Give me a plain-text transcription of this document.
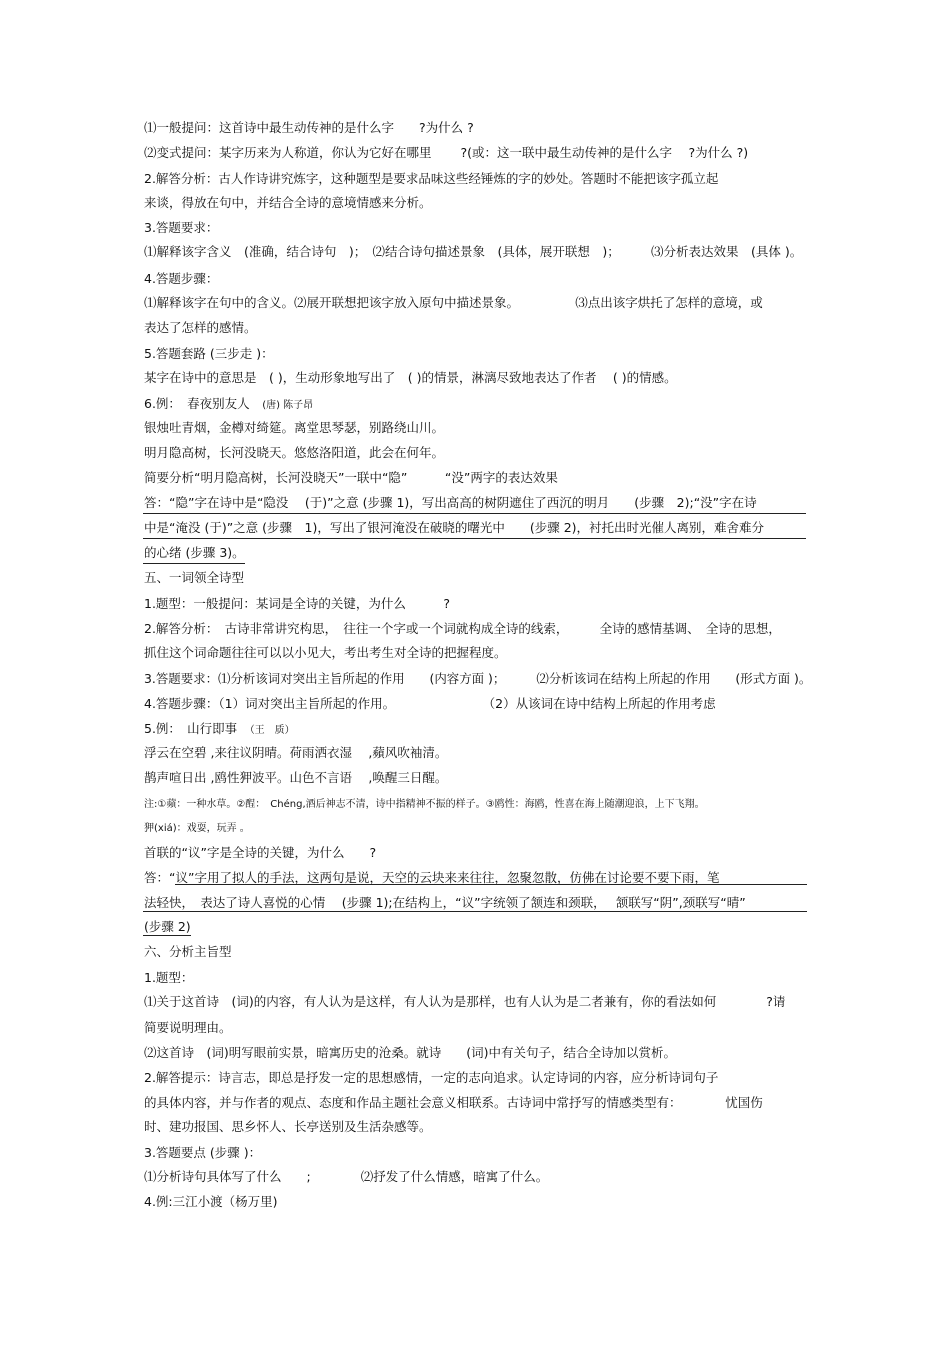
⑴一般提问：这首诗中最生动传神的是什么字　　?为什么 ?
⑵变式提问：某字历来为人称道，你认为它好在哪里　　 ?(或：这一联中最生动传神的是什么字　 ?为什么 ?)
2.解答分析：古人作诗讲究炼字，这种题型是要求品味这些经锤炼的字的妙处。答题时不能把该字孤立起
来谈，得放在句中，并结合全诗的意境情感来分析。
3.答题要求：
⑴解释该字含义　(准确，结合诗句　)；　⑵结合诗句描述景象　(具体，展开联想　)；　　　⑶分析表达效果　(具体 )。
4.答题步骤：
⑴解释该字在句中的含义。⑵展开联想把该字放入原句中描述景象。　　　　　⑶点出该字烘托了怎样的意境，或
表达了怎样的感情。
5.答题套路 (三步走 )：
某字在诗中的意思是　( )，生动形象地写出了　( )的情景，淋漓尽致地表达了作者　 ( )的情感。
6.例：　春夜别友人　(唐) 陈子昂
银烛吐青烟，金樽对绮筵。离堂思琴瑟，别路绕山川。
明月隐高树，长河没晓天。悠悠洛阳道，此会在何年。
简要分析“明月隐高树，长河没晓天”一联中“隐”　　　“没”两字的表达效果
答：“隐”字在诗中是“隐没　 (于)”之意 (步骤 1)，写出高高的树阴遮住了西沉的明月　　(步骤　2);“没”字在诗
中是“淹没 (于)”之意 (步骤　1)，写出了银河淹没在破晓的曙光中　　(步骤 2)，衬托出时光催人离别，难舍难分
的心绪 (步骤 3)。
五、一词领全诗型
1.题型：一般提问：某词是全诗的关键，为什么　　　?
2.解答分析：　古诗非常讲究构思，　往往一个字或一个词就构成全诗的线索，　　　全诗的感情基调、　全诗的思想，
抓住这个词命题往往可以以小见大，考出考生对全诗的把握程度。
3.答题要求：⑴分析该词对突出主旨所起的作用　　(内容方面 )；　　　⑵分析该词在结构上所起的作用　　(形式方面 )。
4.答题步骤：（1）词对突出主旨所起的作用。　　　　　　　　（2）从该词在诗中结构上所起的作用考虑
5.例：　山行即事　（王　质）
浮云在空碧 ,来往议阴晴。荷雨洒衣湿　 ,蘋风吹袖清。
鹊声喧日出 ,鸥性狎波平。山色不言语　 ,唤醒三日醒。
注:①蘋：一种水草。②酲：　Chéng,酒后神志不清，诗中指精神不振的样子。③鸥性：海鸥，性喜在海上随潮迎浪，上下飞翔。
狎(xiá)：戏耍，玩弄 。
首联的“议”字是全诗的关键，为什么　　?
答：“议”字用了拟人的手法，这两句是说，天空的云块来来往往，忽聚忽散，仿佛在讨论要不要下雨，笔
法轻快，　表达了诗人喜悦的心情　 (步骤 1);在结构上，“议”字统领了颔连和颈联，　 颔联写“阴”,颈联写“晴”
(步骤 2)
六、分析主旨型
1.题型：
⑴关于这首诗　(词)的内容，有人认为是这样，有人认为是那样，也有人认为是二者兼有，你的看法如何　　　　?请
简要说明理由。
⑵这首诗　(词)明写眼前实景，暗寓历史的沧桑。就诗　　(词)中有关句子，结合全诗加以赏析。
2.解答提示：诗言志，即总是抒发一定的思想感情，一定的志向追求。认定诗词的内容，应分析诗词句子
的具体内容，并与作者的观点、态度和作品主题社会意义相联系。古诗词中常抒写的情感类型有：　　　　忧国伤
时、建功报国、思乡怀人、长亭送别及生活杂感等。
3.答题要点 (步骤 )：
⑴分析诗句具体写了什么　　;　　　　⑵抒发了什么情感，暗寓了什么。
4.例:三江小渡（杨万里)
